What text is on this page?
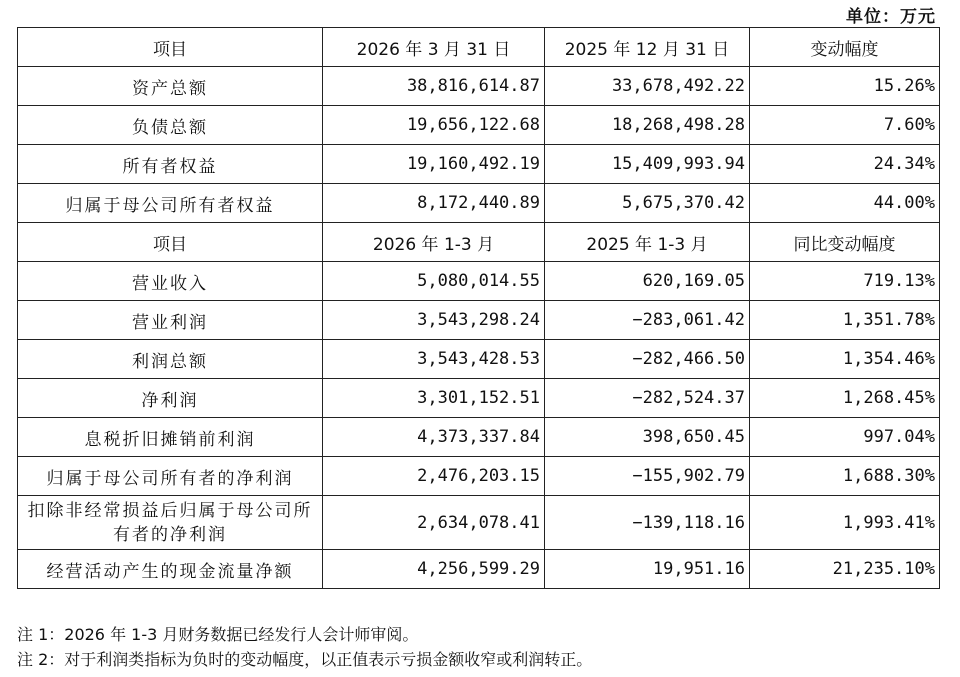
单位：万元
项目	2026 年 3 月 31 日	2025 年 12 月 31 日	变动幅度
资产总额	38,816,614.87	33,678,492.22	15.26%
负债总额	19,656,122.68	18,268,498.28	7.60%
所有者权益	19,160,492.19	15,409,993.94	24.34%
归属于母公司所有者权益	8,172,440.89	5,675,370.42	44.00%
项目	2026 年 1-3 月	2025 年 1-3 月	同比变动幅度
营业收入	5,080,014.55	620,169.05	719.13%
营业利润	3,543,298.24	−283,061.42	1,351.78%
利润总额	3,543,428.53	−282,466.50	1,354.46%
净利润	3,301,152.51	−282,524.37	1,268.45%
息税折旧摊销前利润	4,373,337.84	398,650.45	997.04%
归属于母公司所有者的净利润	2,476,203.15	−155,902.79	1,688.30%
扣除非经常损益后归属于母公司所有者的净利润	2,634,078.41	−139,118.16	1,993.41%
经营活动产生的现金流量净额	4,256,599.29	19,951.16	21,235.10%
注 1：2026 年 1-3 月财务数据已经发行人会计师审阅。
注 2：对于利润类指标为负时的变动幅度，以正值表示亏损金额收窄或利润转正。
